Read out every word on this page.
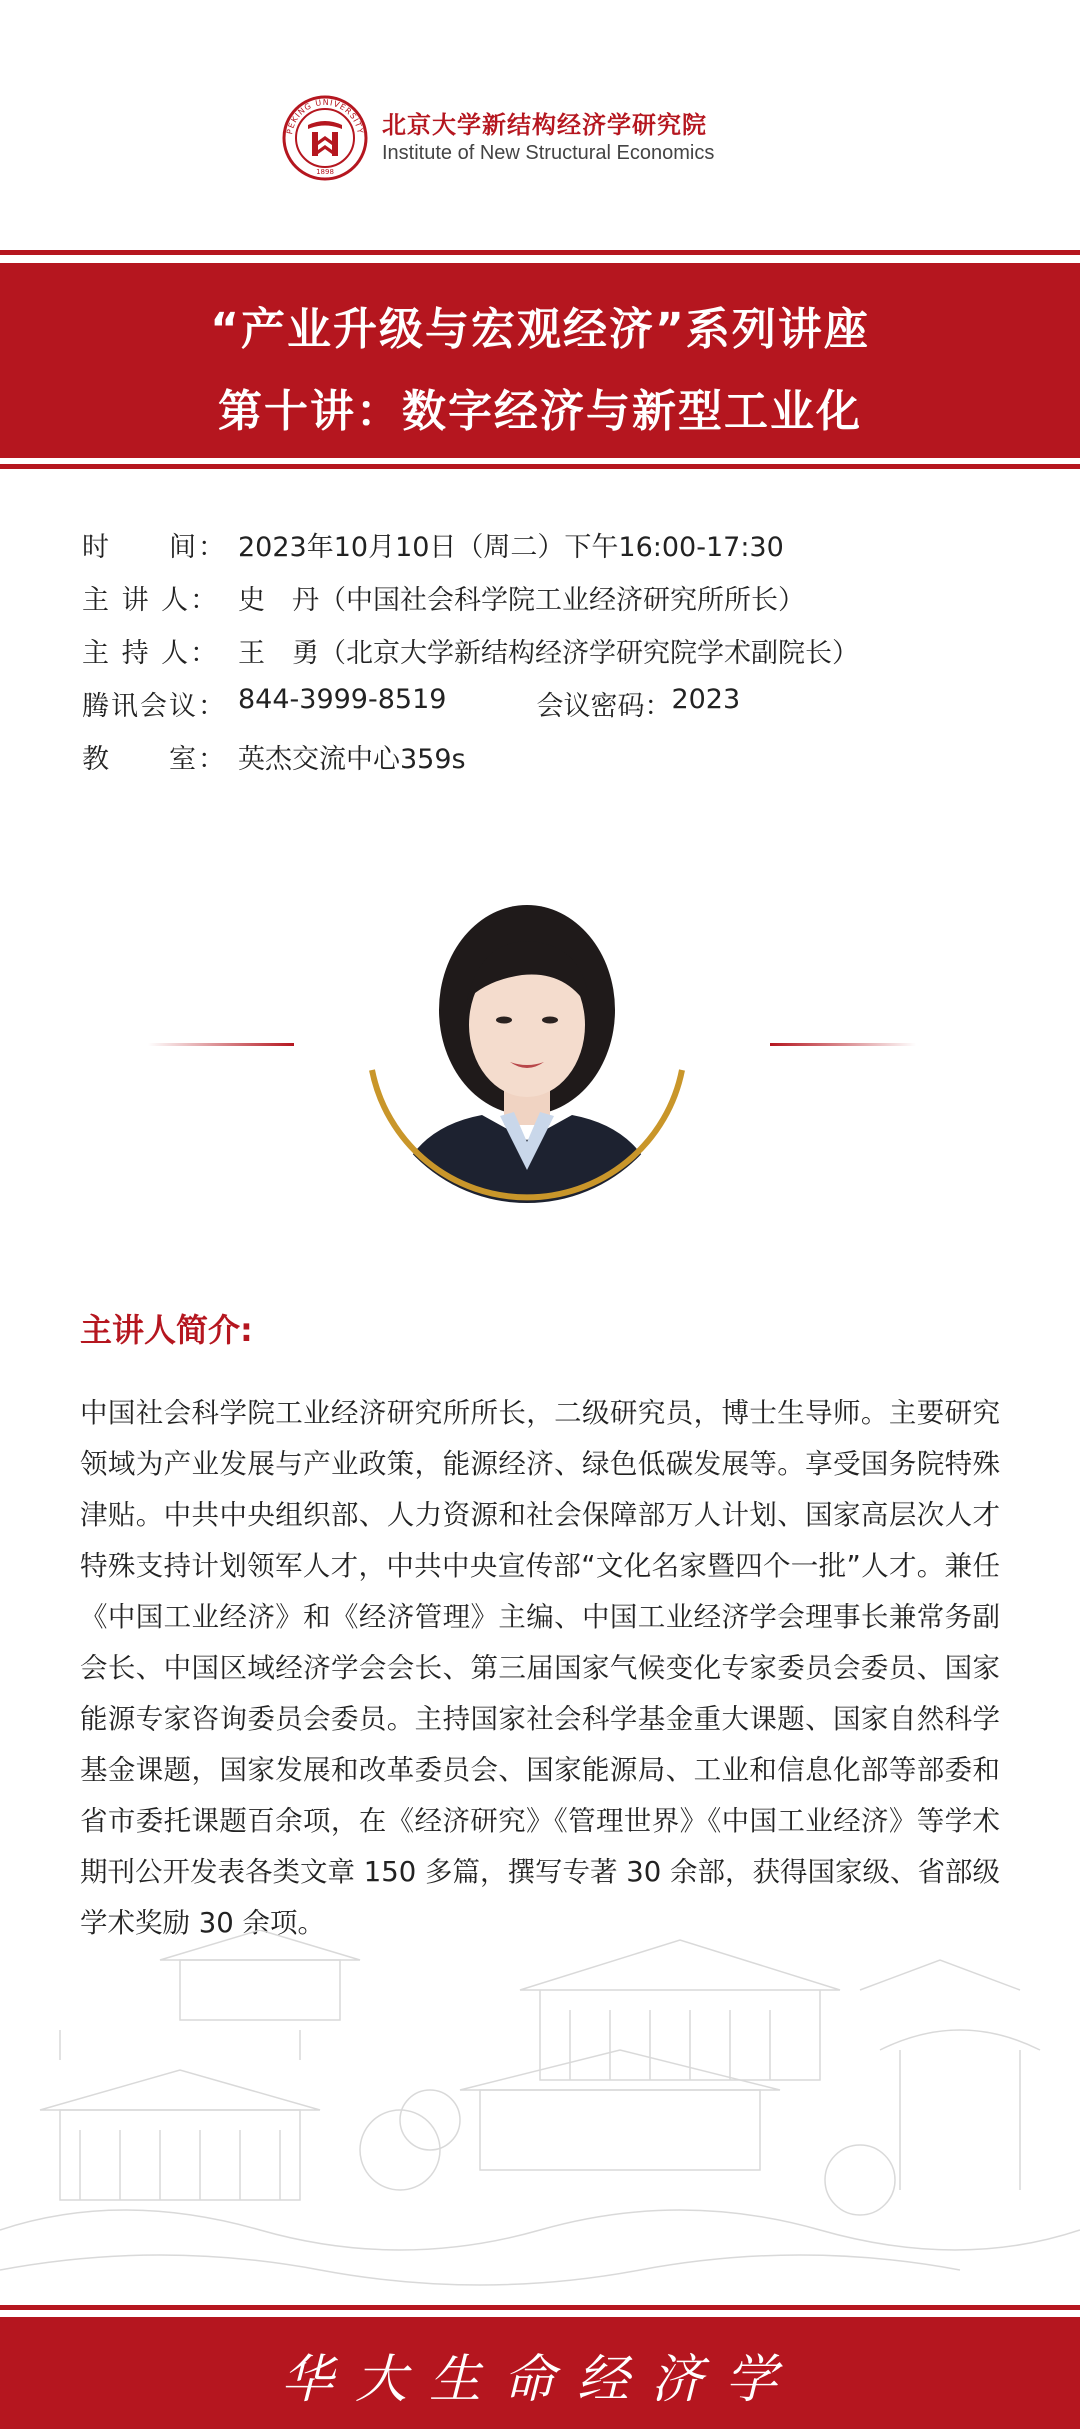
PEKING UNIVERSITY
1898
北京大学新结构经济学研究院
Institute of New Structural Economics
“产业升级与宏观经济”系列讲座
第十讲：数字经济与新型工业化
时　　间： 2023年10月10日（周二）下午16:00-17:30
主 讲 人： 史　丹（中国社会科学院工业经济研究所所长）
主 持 人： 王　勇（北京大学新结构经济学研究院学术副院长）
腾讯会议： 844-3999-8519	会议密码： 2023
教　　室： 英杰交流中心359s
主讲人简介:
中国社会科学院工业经济研究所所长，二级研究员，博士生导师。主要研究领域为产业发展与产业政策，能源经济、绿色低碳发展等。享受国务院特殊津贴。中共中央组织部、人力资源和社会保障部万人计划、国家高层次人才特殊支持计划领军人才，中共中央宣传部“文化名家暨四个一批”人才。兼任《中国工业经济》和《经济管理》主编、中国工业经济学会理事长兼常务副会长、中国区域经济学会会长、第三届国家气候变化专家委员会委员、国家能源专家咨询委员会委员。主持国家社会科学基金重大课题、国家自然科学基金课题，国家发展和改革委员会、国家能源局、工业和信息化部等部委和省市委托课题百余项，在《经济研究》《管理世界》《中国工业经济》等学术期刊公开发表各类文章 150 多篇，撰写专著 30 余部，获得国家级、省部级学术奖励 30 余项。
华大生命经济学
